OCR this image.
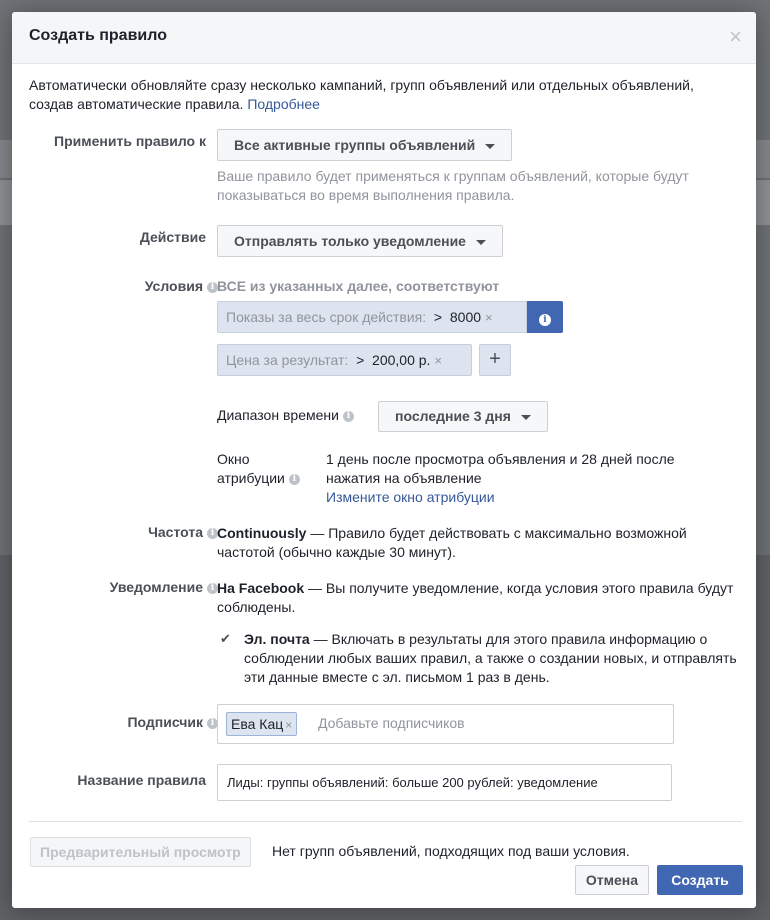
Создать правило	×
Автоматически обновляйте сразу несколько кампаний, групп объявлений или отдельных объявлений, создав автоматические правила. Подробнее
Применить правило к	Все активные группы объявлений
Ваше правило будет применяться к группам объявлений, которые будут показываться во время выполнения правила.
Действие	Отправлять только уведомление
Условия i ВСЕ из указанных далее, соответствуют
Показы за весь срок действия: > 8000 ×	i
Цена за результат: > 200,00 р. ×	+
Диапазон времени i	последние 3 дня
Окно
атрибуции i
1 день после просмотра объявления и 28 дней после нажатия на объявление
Измените окно атрибуции
Частота i Continuously — Правило будет действовать с максимально возможной частотой (обычно каждые 30 минут).
Уведомление i На Facebook — Вы получите уведомление, когда условия этого правила будут соблюдены.
✔ Эл. почта — Включать в результаты для этого правила информацию о соблюдении любых ваших правил, а также о создании новых, и отправлять эти данные вместе с эл. письмом 1 раз в день.
Подписчик i	Ева Кац ×	Добавьте подписчиков
Название правила	Лиды: группы объявлений: больше 200 рублей: уведомление
Предварительный просмотр	Нет групп объявлений, подходящих под ваши условия.
Отмена	Создать
